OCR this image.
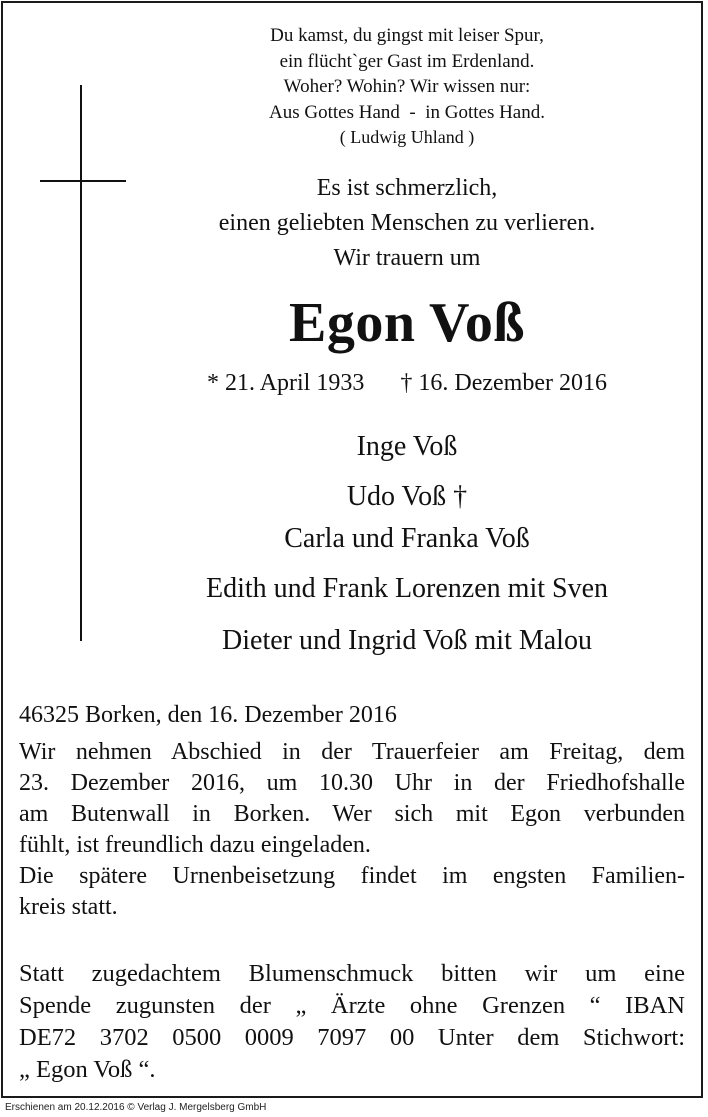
Du kamst, du gingst mit leiser Spur,
ein flücht`ger Gast im Erdenland.
Woher? Wohin? Wir wissen nur:
Aus Gottes Hand  -  in Gottes Hand.
( Ludwig Uhland )
Es ist schmerzlich,
einen geliebten Menschen zu verlieren.
Wir trauern um
Egon Voß
* 21. April 1933 † 16. Dezember 2016
Inge Voß
Udo Voß †
Carla und Franka Voß
Edith und Frank Lorenzen mit Sven
Dieter und Ingrid Voß mit Malou
46325 Borken, den 16. Dezember 2016
Wir nehmen Abschied in der Trauerfeier am Freitag, dem
23. Dezember 2016, um 10.30 Uhr in der Friedhofshalle
am Butenwall in Borken. Wer sich mit Egon verbunden
fühlt, ist freundlich dazu eingeladen.
Die spätere Urnenbeisetzung findet im engsten Familien-
kreis statt.
Statt zugedachtem Blumenschmuck bitten wir um eine
Spende zugunsten der „ Ärzte ohne Grenzen “ IBAN
DE72 3702 0500 0009 7097 00 Unter dem Stichwort:
„ Egon Voß “.
Erschienen am 20.12.2016 © Verlag J. Mergelsberg GmbH
